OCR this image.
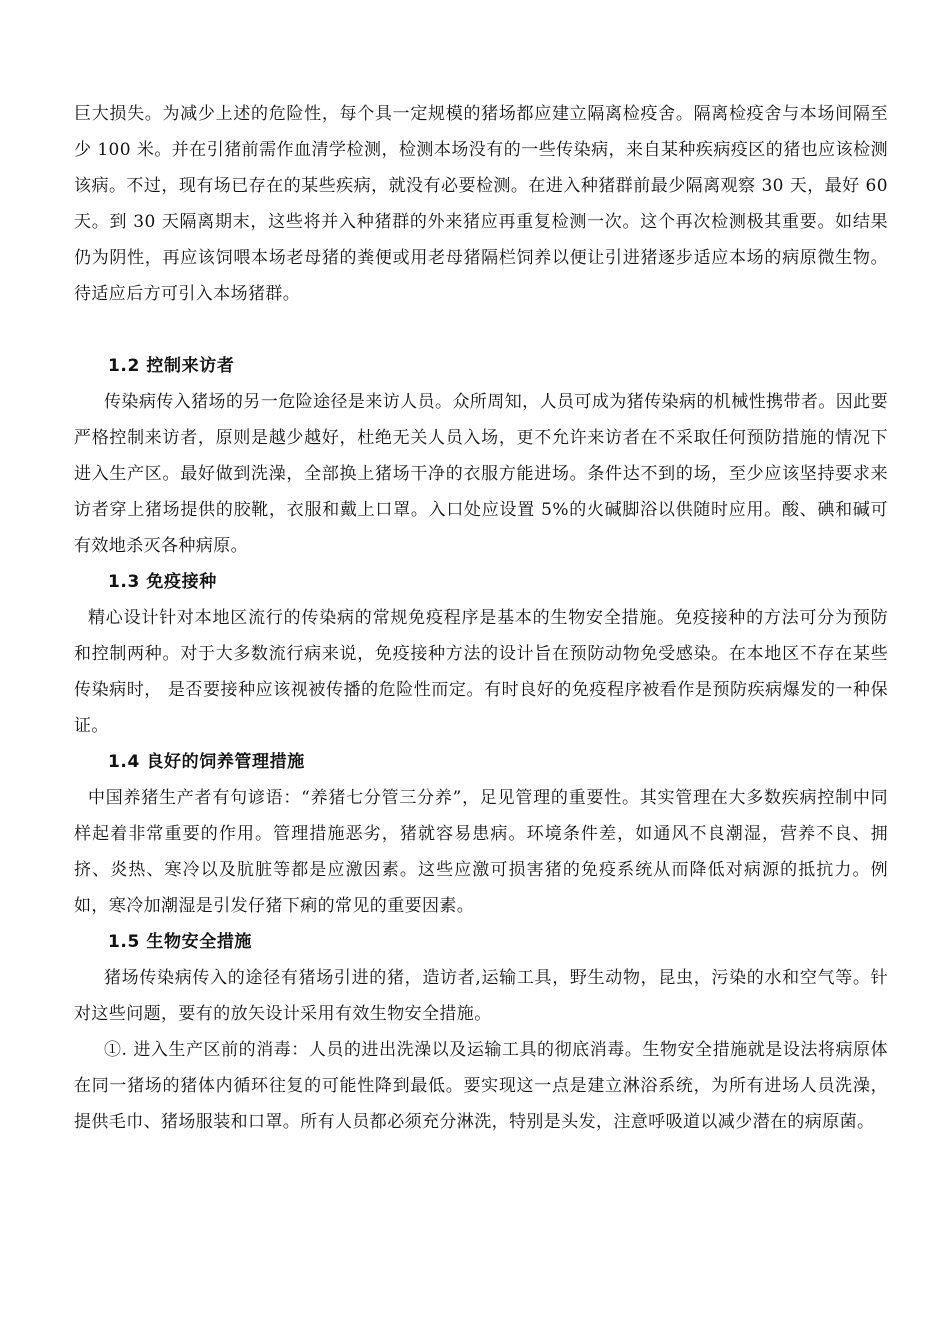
巨大损失。为减少上述的危险性，每个具一定规模的猪场都应建立隔离检疫舍。隔离检疫舍与本场间隔至少 100 米。并在引猪前需作血清学检测，检测本场没有的一些传染病，来自某种疾病疫区的猪也应该检测该病。不过，现有场已存在的某些疾病，就没有必要检测。在进入种猪群前最少隔离观察 30 天，最好 60 天。到 30 天隔离期末，这些将并入种猪群的外来猪应再重复检测一次。这个再次检测极其重要。如结果仍为阴性，再应该饲喂本场老母猪的粪便或用老母猪隔栏饲养以便让引进猪逐步适应本场的病原微生物。待适应后方可引入本场猪群。

1.2 控制来访者

传染病传入猪场的另一危险途径是来访人员。众所周知，人员可成为猪传染病的机械性携带者。因此要严格控制来访者，原则是越少越好，杜绝无关人员入场，更不允许来访者在不采取任何预防措施的情况下进入生产区。最好做到洗澡，全部换上猪场干净的衣服方能进场。条件达不到的场，至少应该坚持要求来访者穿上猪场提供的胶靴，衣服和戴上口罩。入口处应设置 5%的火碱脚浴以供随时应用。酸、碘和碱可有效地杀灭各种病原。

1.3 免疫接种

精心设计针对本地区流行的传染病的常规免疫程序是基本的生物安全措施。免疫接种的方法可分为预防和控制两种。对于大多数流行病来说，免疫接种方法的设计旨在预防动物免受感染。在本地区不存在某些传染病时， 是否要接种应该视被传播的危险性而定。有时良好的免疫程序被看作是预防疾病爆发的一种保证。

1.4 良好的饲养管理措施

中国养猪生产者有句谚语：“养猪七分管三分养”，足见管理的重要性。其实管理在大多数疾病控制中同样起着非常重要的作用。管理措施恶劣，猪就容易患病。环境条件差，如通风不良潮湿，营养不良、拥挤、炎热、寒冷以及肮脏等都是应激因素。这些应激可损害猪的免疫系统从而降低对病源的抵抗力。例如，寒冷加潮湿是引发仔猪下痢的常见的重要因素。

1.5 生物安全措施

猪场传染病传入的途径有猪场引进的猪，造访者,运输工具，野生动物，昆虫，污染的水和空气等。针对这些问题，要有的放矢设计采用有效生物安全措施。

①. 进入生产区前的消毒：人员的进出洗澡以及运输工具的彻底消毒。生物安全措施就是设法将病原体在同一猪场的猪体内循环往复的可能性降到最低。要实现这一点是建立淋浴系统，为所有进场人员洗澡，提供毛巾、猪场服装和口罩。所有人员都必须充分淋洗，特别是头发，注意呼吸道以减少潜在的病原菌。
